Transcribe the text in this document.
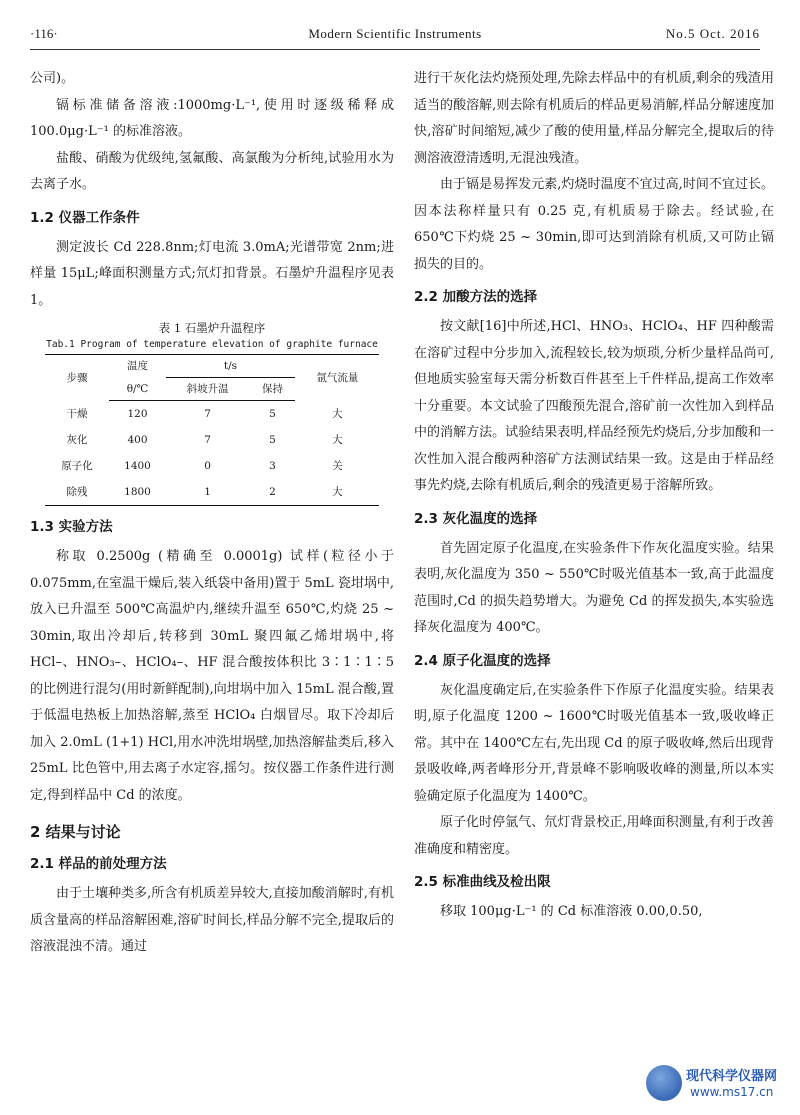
·116·	Modern Scientific Instruments	No.5 Oct. 2016

公司)。

镉标准储备溶液:1000mg·L⁻¹,使用时逐级稀释成 100.0μg·L⁻¹ 的标准溶液。

盐酸、硝酸为优级纯,氢氟酸、高氯酸为分析纯,试验用水为去离子水。

1.2 仪器工作条件

测定波长 Cd 228.8nm;灯电流 3.0mA;光谱带宽 2nm;进样量 15μL;峰面积测量方式;氘灯扣背景。石墨炉升温程序见表 1。

表 1 石墨炉升温程序
Tab.1 Program of temperature elevation of graphite furnace
步骤	温度	t/s		氩气流量
	θ/℃	斜坡升温	保持	
干燥	120	7	5	大
灰化	400	7	5	大
原子化	1400	0	3	关
除残	1800	1	2	大
1.3 实验方法

称取 0.2500g (精确至 0.0001g) 试样(粒径小于 0.075mm,在室温干燥后,装入纸袋中备用)置于 5mL 瓷坩埚中,放入已升温至 500℃高温炉内,继续升温至 650℃,灼烧 25 ~ 30min,取出冷却后,转移到 30mL 聚四氟乙烯坩埚中,将 HCl–、HNO₃–、HClO₄–、HF 混合酸按体积比 3∶1∶1∶5 的比例进行混匀(用时新鲜配制),向坩埚中加入 15mL 混合酸,置于低温电热板上加热溶解,蒸至 HClO₄ 白烟冒尽。取下冷却后加入 2.0mL (1+1) HCl,用水冲洗坩埚壁,加热溶解盐类后,移入 25mL 比色管中,用去离子水定容,摇匀。按仪器工作条件进行测定,得到样品中 Cd 的浓度。

2 结果与讨论
2.1 样品的前处理方法

由于土壤种类多,所含有机质差异较大,直接加酸消解时,有机质含量高的样品溶解困难,溶矿时间长,样品分解不完全,提取后的溶液混浊不清。通过

进行干灰化法灼烧预处理,先除去样品中的有机质,剩余的残渣用适当的酸溶解,则去除有机质后的样品更易消解,样品分解速度加快,溶矿时间缩短,减少了酸的使用量,样品分解完全,提取后的待测溶液澄清透明,无混浊残渣。

由于镉是易挥发元素,灼烧时温度不宜过高,时间不宜过长。因本法称样量只有 0.25 克,有机质易于除去。经试验,在 650℃下灼烧 25 ~ 30min,即可达到消除有机质,又可防止镉损失的目的。

2.2 加酸方法的选择

按文献[16]中所述,HCl、HNO₃、HClO₄、HF 四种酸需在溶矿过程中分步加入,流程较长,较为烦琐,分析少量样品尚可,但地质实验室每天需分析数百件甚至上千件样品,提高工作效率十分重要。本文试验了四酸预先混合,溶矿前一次性加入到样品中的消解方法。试验结果表明,样品经预先灼烧后,分步加酸和一次性加入混合酸两种溶矿方法测试结果一致。这是由于样品经事先灼烧,去除有机质后,剩余的残渣更易于溶解所致。

2.3 灰化温度的选择

首先固定原子化温度,在实验条件下作灰化温度实验。结果表明,灰化温度为 350 ~ 550℃时吸光值基本一致,高于此温度范围时,Cd 的损失趋势增大。为避免 Cd 的挥发损失,本实验选择灰化温度为 400℃。

2.4 原子化温度的选择

灰化温度确定后,在实验条件下作原子化温度实验。结果表明,原子化温度 1200 ~ 1600℃时吸光值基本一致,吸收峰正常。其中在 1400℃左右,先出现 Cd 的原子吸收峰,然后出现背景吸收峰,两者峰形分开,背景峰不影响吸收峰的测量,所以本实验确定原子化温度为 1400℃。

原子化时停氩气、氘灯背景校正,用峰面积测量,有利于改善准确度和精密度。

2.5 标准曲线及检出限

移取 100μg·L⁻¹ 的 Cd 标准溶液 0.00,0.50,

现代科学仪器网
www.ms17.cn
